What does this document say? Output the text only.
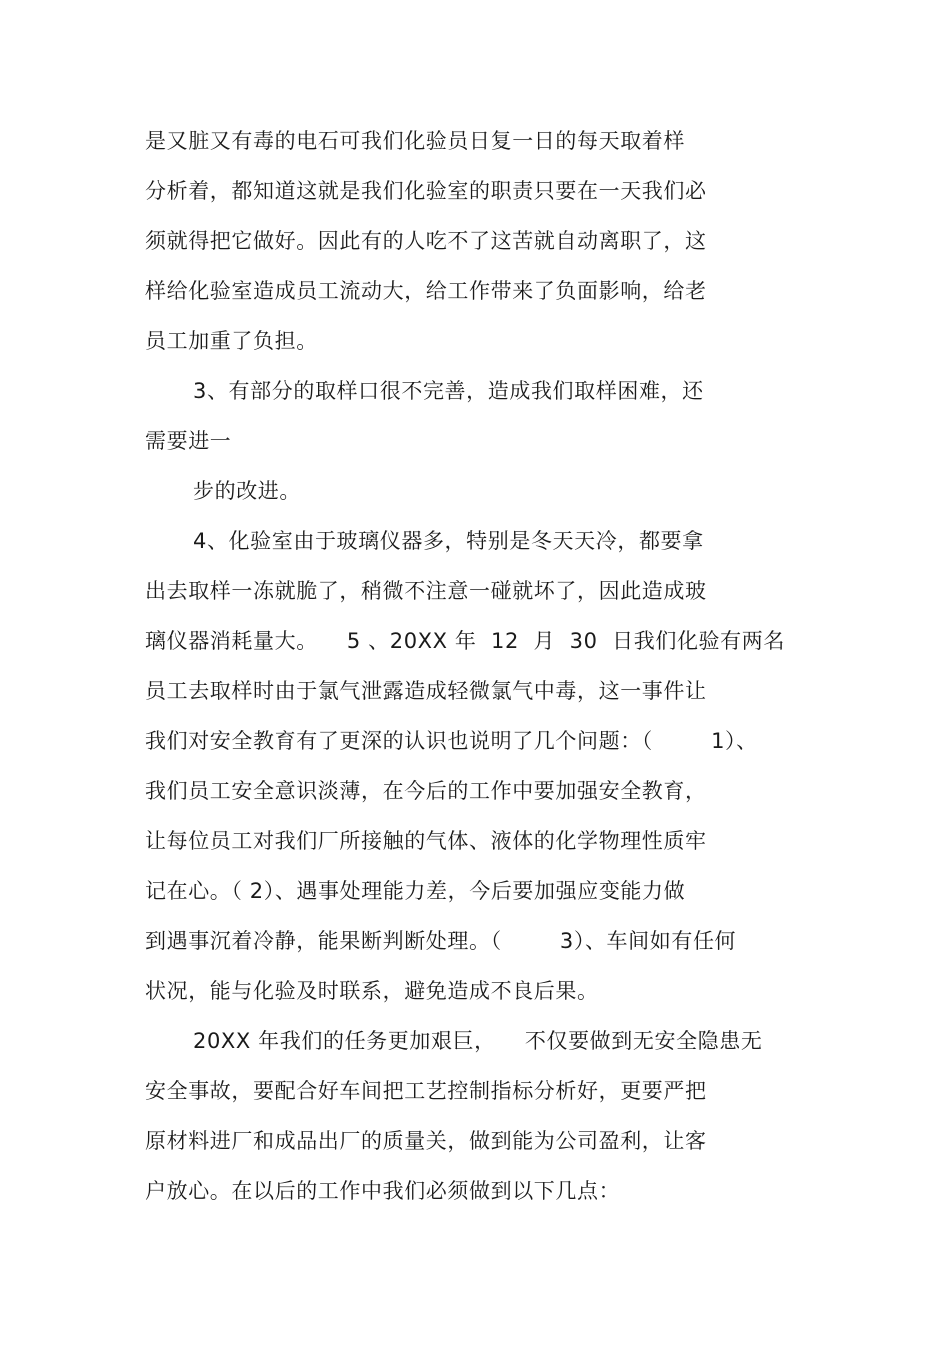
是又脏又有毒的电石可我们化验员日复一日的每天取着样
分析着，都知道这就是我们化验室的职责只要在一天我们必
须就得把它做好。因此有的人吃不了这苦就自动离职了，这
样给化验室造成员工流动大，给工作带来了负面影响，给老
员工加重了负担。
3、有部分的取样口很不完善，造成我们取样困难，还
需要进一
步的改进。
4、化验室由于玻璃仪器多，特别是冬天天冷，都要拿
出去取样一冻就脆了，稍微不注意一碰就坏了，因此造成玻
璃仪器消耗量大。    5 、20XX 年  12  月  30  日我们化验有两名
员工去取样时由于氯气泄露造成轻微氯气中毒，这一事件让
我们对安全教育有了更深的认识也说明了几个问题：（        1）、
我们员工安全意识淡薄，在今后的工作中要加强安全教育，
让每位员工对我们厂所接触的气体、液体的化学物理性质牢
记在心。（ 2）、遇事处理能力差，今后要加强应变能力做
到遇事沉着冷静，能果断判断处理。（        3）、车间如有任何
状况，能与化验及时联系，避免造成不良后果。
20XX 年我们的任务更加艰巨，    不仅要做到无安全隐患无
安全事故，要配合好车间把工艺控制指标分析好，更要严把
原材料进厂和成品出厂的质量关，做到能为公司盈利，让客
户放心。在以后的工作中我们必须做到以下几点：
